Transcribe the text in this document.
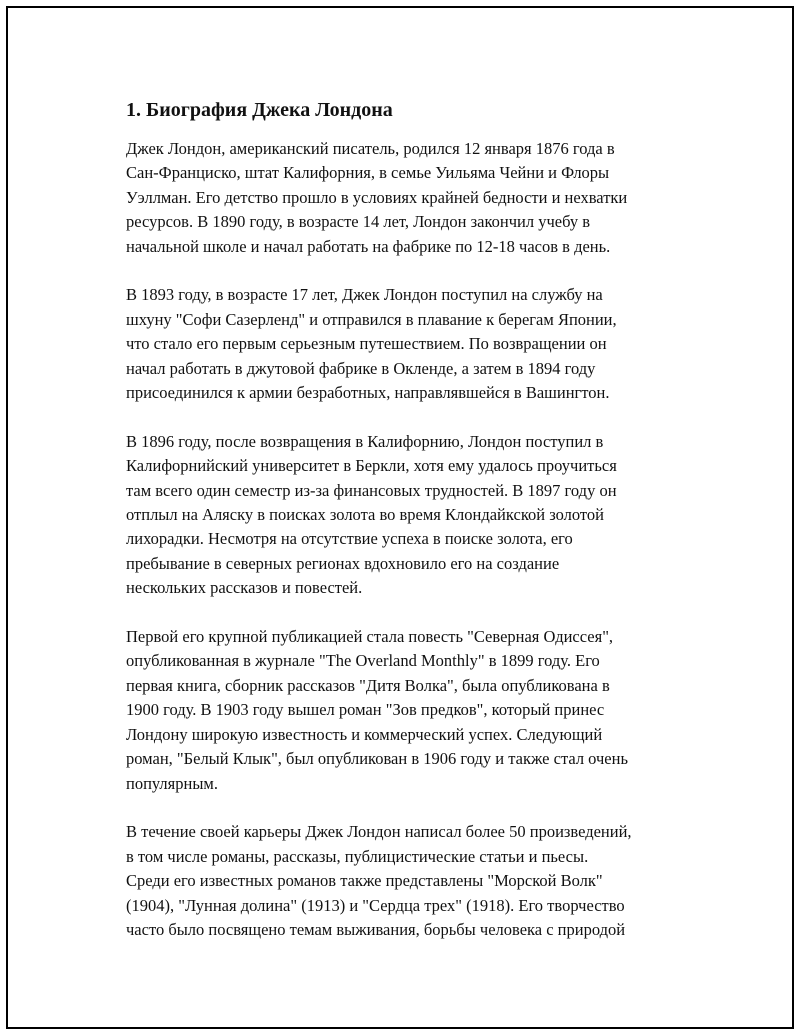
1. Биография Джека Лондона
Джек Лондон, американский писатель, родился 12 января 1876 года в
Сан-Франциско, штат Калифорния, в семье Уильяма Чейни и Флоры
Уэллман. Его детство прошло в условиях крайней бедности и нехватки
ресурсов. В 1890 году, в возрасте 14 лет, Лондон закончил учебу в
начальной школе и начал работать на фабрике по 12-18 часов в день.
В 1893 году, в возрасте 17 лет, Джек Лондон поступил на службу на
шхуну "Софи Сазерленд" и отправился в плавание к берегам Японии,
что стало его первым серьезным путешествием. По возвращении он
начал работать в джутовой фабрике в Окленде, а затем в 1894 году
присоединился к армии безработных, направлявшейся в Вашингтон.
В 1896 году, после возвращения в Калифорнию, Лондон поступил в
Калифорнийский университет в Беркли, хотя ему удалось проучиться
там всего один семестр из-за финансовых трудностей. В 1897 году он
отплыл на Аляску в поисках золота во время Клондайкской золотой
лихорадки. Несмотря на отсутствие успеха в поиске золота, его
пребывание в северных регионах вдохновило его на создание
нескольких рассказов и повестей.
Первой его крупной публикацией стала повесть "Северная Одиссея",
опубликованная в журнале "The Overland Monthly" в 1899 году. Его
первая книга, сборник рассказов "Дитя Волка", была опубликована в
1900 году. В 1903 году вышел роман "Зов предков", который принес
Лондону широкую известность и коммерческий успех. Следующий
роман, "Белый Клык", был опубликован в 1906 году и также стал очень
популярным.
В течение своей карьеры Джек Лондон написал более 50 произведений,
в том числе романы, рассказы, публицистические статьи и пьесы.
Среди его известных романов также представлены "Морской Волк"
(1904), "Лунная долина" (1913) и "Сердца трех" (1918). Его творчество
часто было посвящено темам выживания, борьбы человека с природой
